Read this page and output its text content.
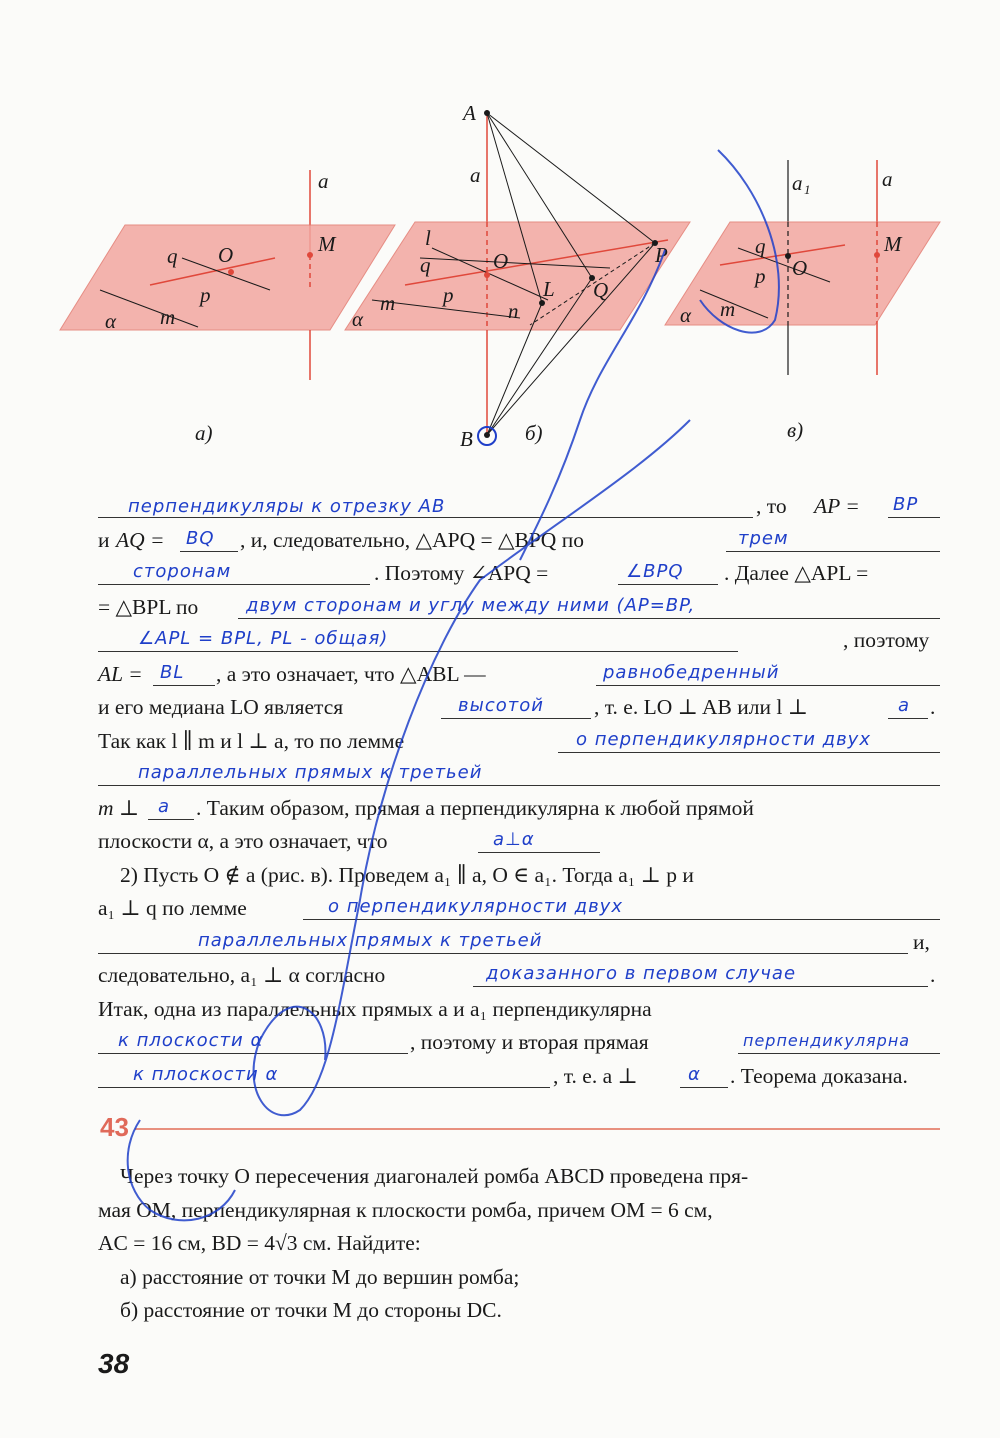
a
M
q O
p
α m
а)
A
a
l
q	O	P
m p	L Q
n
α
B б)
a 1	a
M
q
O
p
α m
в)
перпендикуляры к отрезку AB	, то AP = BP
и AQ = BQ , и, следовательно, △APQ = △BPQ по	трем
сторонам	. Поэтому ∠APQ =	∠BPQ . Далее △APL =
= △BPL по	двум сторонам и углу между ними (AP=BP,
∠APL = BPL, PL - общая)	, поэтому
AL = BL , а это означает, что △ABL —	равнобедренный
и его медиана LO является	высотой , т. е. LO ⊥ AB или l ⊥	a .
Так как l ∥ m и l ⊥ a, то по лемме	о перпендикулярности двух
параллельных прямых к третьей
m ⊥ a . Таким образом, прямая a перпендикулярна к любой прямой
плоскости α, а это означает, что	a⊥α
2) Пусть O ∉ a (рис. в). Проведем a₁ ∥ a, O ∈ a₁. Тогда a₁ ⊥ p и
a₁ ⊥ q по лемме	о перпендикулярности двух
параллельных прямых к третьей	и,
следовательно, a₁ ⊥ α согласно	доказанного в первом случае	.
Итак, одна из параллельных прямых a и a₁ перпендикулярна
к плоскости α	, поэтому и вторая прямая	перпендикулярна
к плоскости α	, т. е. a ⊥	α . Теорема доказана.
43
Через точку O пересечения диагоналей ромба ABCD проведена пря-
мая OM, перпендикулярная к плоскости ромба, причем OM = 6 см,
AC = 16 см, BD = 4√3 см. Найдите:
а) расстояние от точки M до вершин ромба;
б) расстояние от точки M до стороны DC.
38
